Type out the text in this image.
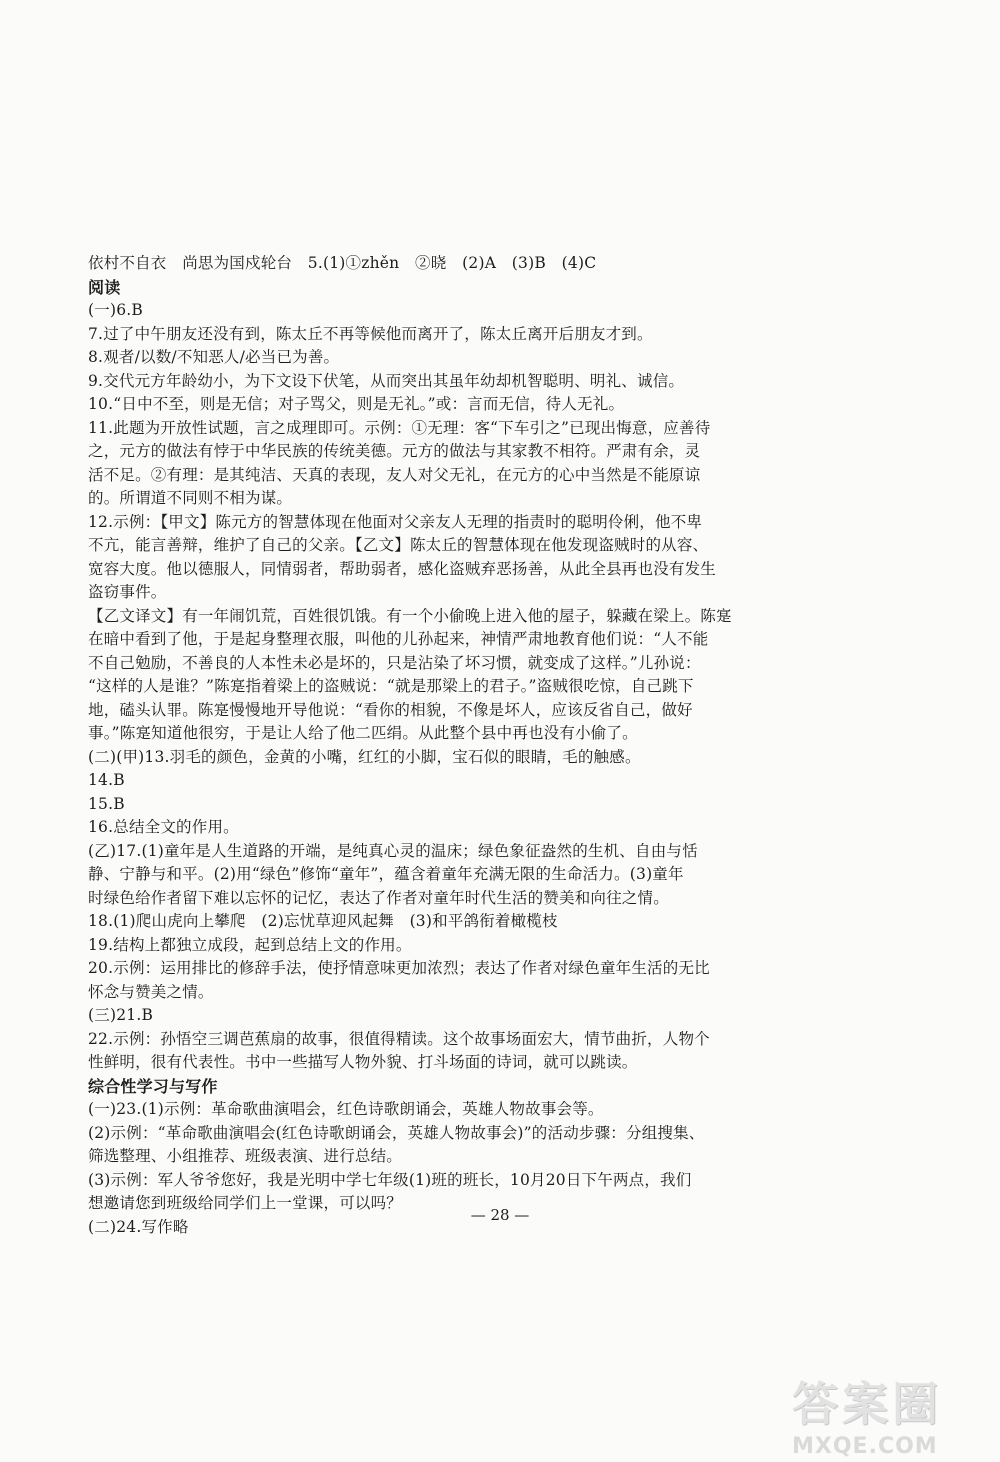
依村不自衣　尚思为国戍轮台　5.(1)①zhěn　②晓　(2)A　(3)B　(4)C
阅读
(一)6.B
7.过了中午朋友还没有到，陈太丘不再等候他而离开了，陈太丘离开后朋友才到。
8.观者/以数/不知恶人/必当已为善。
9.交代元方年龄幼小，为下文设下伏笔，从而突出其虽年幼却机智聪明、明礼、诚信。
10.“日中不至，则是无信；对子骂父，则是无礼。”或：言而无信，待人无礼。
11.此题为开放性试题，言之成理即可。示例：①无理：客“下车引之”已现出悔意，应善待
之，元方的做法有悖于中华民族的传统美德。元方的做法与其家教不相符。严肃有余，灵
活不足。②有理：是其纯洁、天真的表现，友人对父无礼，在元方的心中当然是不能原谅
的。所谓道不同则不相为谋。
12.示例：【甲文】陈元方的智慧体现在他面对父亲友人无理的指责时的聪明伶俐，他不卑
不亢，能言善辩，维护了自己的父亲。【乙文】陈太丘的智慧体现在他发现盗贼时的从容、
宽容大度。他以德服人，同情弱者，帮助弱者，感化盗贼弃恶扬善，从此全县再也没有发生
盗窃事件。
【乙文译文】有一年闹饥荒，百姓很饥饿。有一个小偷晚上进入他的屋子，躲藏在梁上。陈寔
在暗中看到了他，于是起身整理衣服，叫他的儿孙起来，神情严肃地教育他们说：“人不能
不自己勉励，不善良的人本性未必是坏的，只是沾染了坏习惯，就变成了这样。”儿孙说：
“这样的人是谁？”陈寔指着梁上的盗贼说：“就是那梁上的君子。”盗贼很吃惊，自己跳下
地，磕头认罪。陈寔慢慢地开导他说：“看你的相貌，不像是坏人，应该反省自己，做好
事。”陈寔知道他很穷，于是让人给了他二匹绢。从此整个县中再也没有小偷了。
(二)(甲)13.羽毛的颜色，金黄的小嘴，红红的小脚，宝石似的眼睛，毛的触感。
14.B
15.B
16.总结全文的作用。
(乙)17.(1)童年是人生道路的开端，是纯真心灵的温床；绿色象征盎然的生机、自由与恬
静、宁静与和平。(2)用“绿色”修饰“童年”，蕴含着童年充满无限的生命活力。(3)童年
时绿色给作者留下难以忘怀的记忆，表达了作者对童年时代生活的赞美和向往之情。
18.(1)爬山虎向上攀爬　(2)忘忧草迎风起舞　(3)和平鸽衔着橄榄枝
19.结构上都独立成段，起到总结上文的作用。
20.示例：运用排比的修辞手法，使抒情意味更加浓烈；表达了作者对绿色童年生活的无比
怀念与赞美之情。
(三)21.B
22.示例：孙悟空三调芭蕉扇的故事，很值得精读。这个故事场面宏大，情节曲折，人物个
性鲜明，很有代表性。书中一些描写人物外貌、打斗场面的诗词，就可以跳读。
综合性学习与写作
(一)23.(1)示例：革命歌曲演唱会，红色诗歌朗诵会，英雄人物故事会等。
(2)示例：“革命歌曲演唱会(红色诗歌朗诵会，英雄人物故事会)”的活动步骤：分组搜集、
筛选整理、小组推荐、班级表演、进行总结。
(3)示例：军人爷爷您好，我是光明中学七年级(1)班的班长，10月20日下午两点，我们
想邀请您到班级给同学们上一堂课，可以吗？
(二)24.写作略
— 28 —
答案圈
MXQE.COM
